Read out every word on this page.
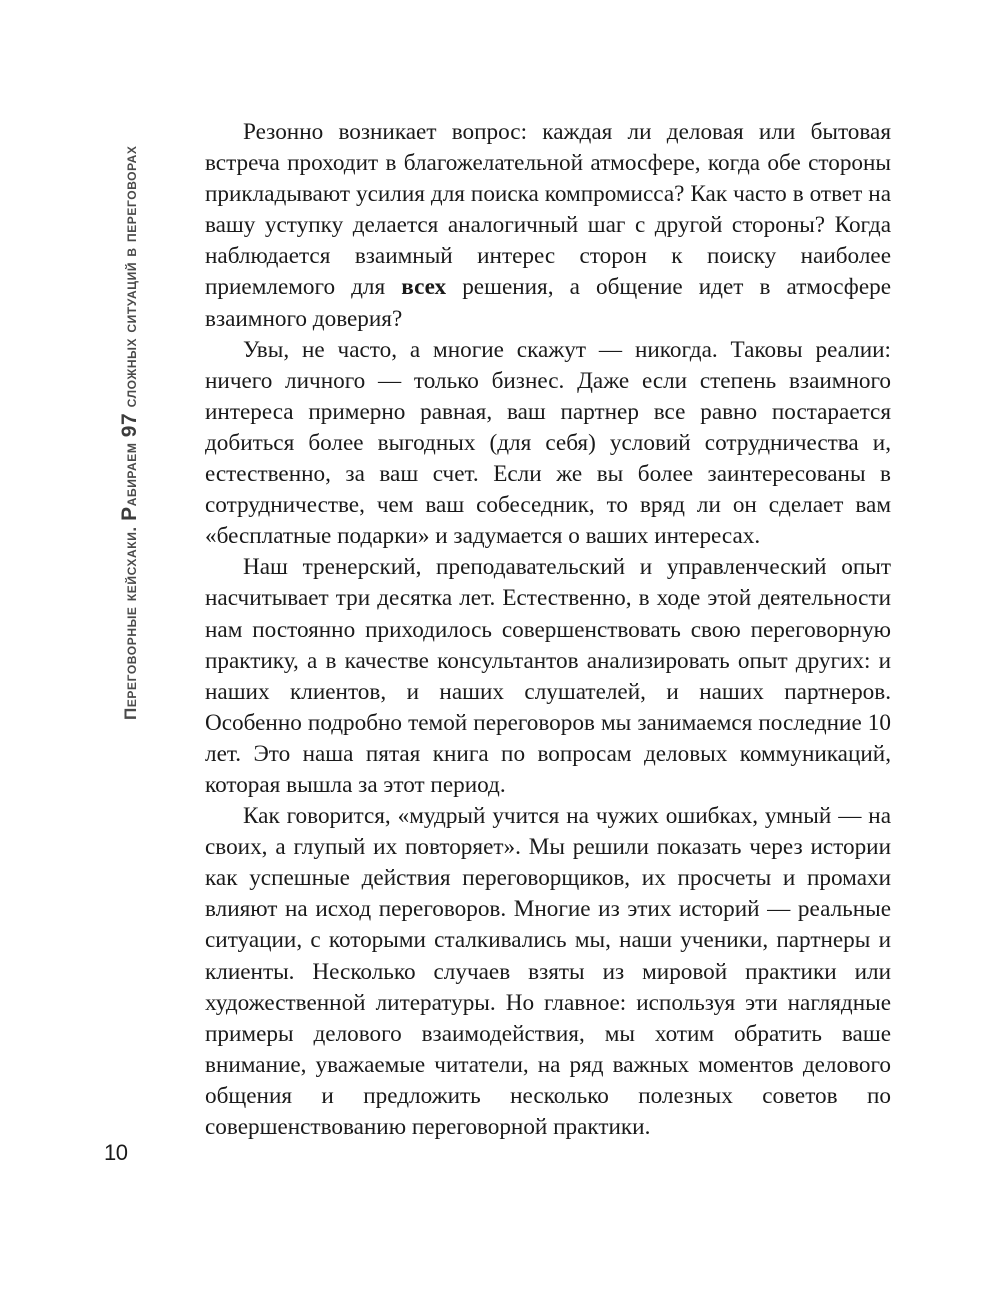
Переговорные кейсхаки. Рабираем 97 сложных ситуаций в переговорах

Резонно возникает вопрос: каждая ли деловая или бытовая встреча проходит в благожелательной атмосфере, когда обе стороны прикладывают усилия для поиска компромисса? Как часто в ответ на вашу уступку делается аналогичный шаг с другой стороны? Когда наблюдается взаимный интерес сторон к поиску наиболее приемлемого для всех решения, а общение идет в атмосфере взаимного доверия?

Увы, не часто, а многие скажут — никогда. Таковы реалии: ничего личного — только бизнес. Даже если степень взаимного интереса примерно равная, ваш партнер все равно постарается добиться более выгодных (для себя) условий сотрудничества и, естественно, за ваш счет. Если же вы более заинтересованы в сотрудничестве, чем ваш собеседник, то вряд ли он сделает вам «бесплатные подарки» и задумается о ваших интересах.

Наш тренерский, преподавательский и управленческий опыт насчитывает три десятка лет. Естественно, в ходе этой деятельности нам постоянно приходилось совершенствовать свою переговорную практику, а в качестве консультантов анализировать опыт других: и наших клиентов, и наших слушателей, и наших партнеров. Особенно подробно темой переговоров мы занимаемся последние 10 лет. Это наша пятая книга по вопросам деловых коммуникаций, которая вышла за этот период.

Как говорится, «мудрый учится на чужих ошибках, умный — на своих, а глупый их повторяет». Мы решили показать через истории как успешные действия переговорщиков, их просчеты и промахи влияют на исход переговоров. Многие из этих историй — реальные ситуации, с которыми сталкивались мы, наши ученики, партнеры и клиенты. Несколько случаев взяты из мировой практики или художественной литературы. Но главное: используя эти наглядные примеры делового взаимодействия, мы хотим обратить ваше внимание, уважаемые читатели, на ряд важных моментов делового общения и предложить несколько полезных советов по совершенствованию переговорной практики.

10
